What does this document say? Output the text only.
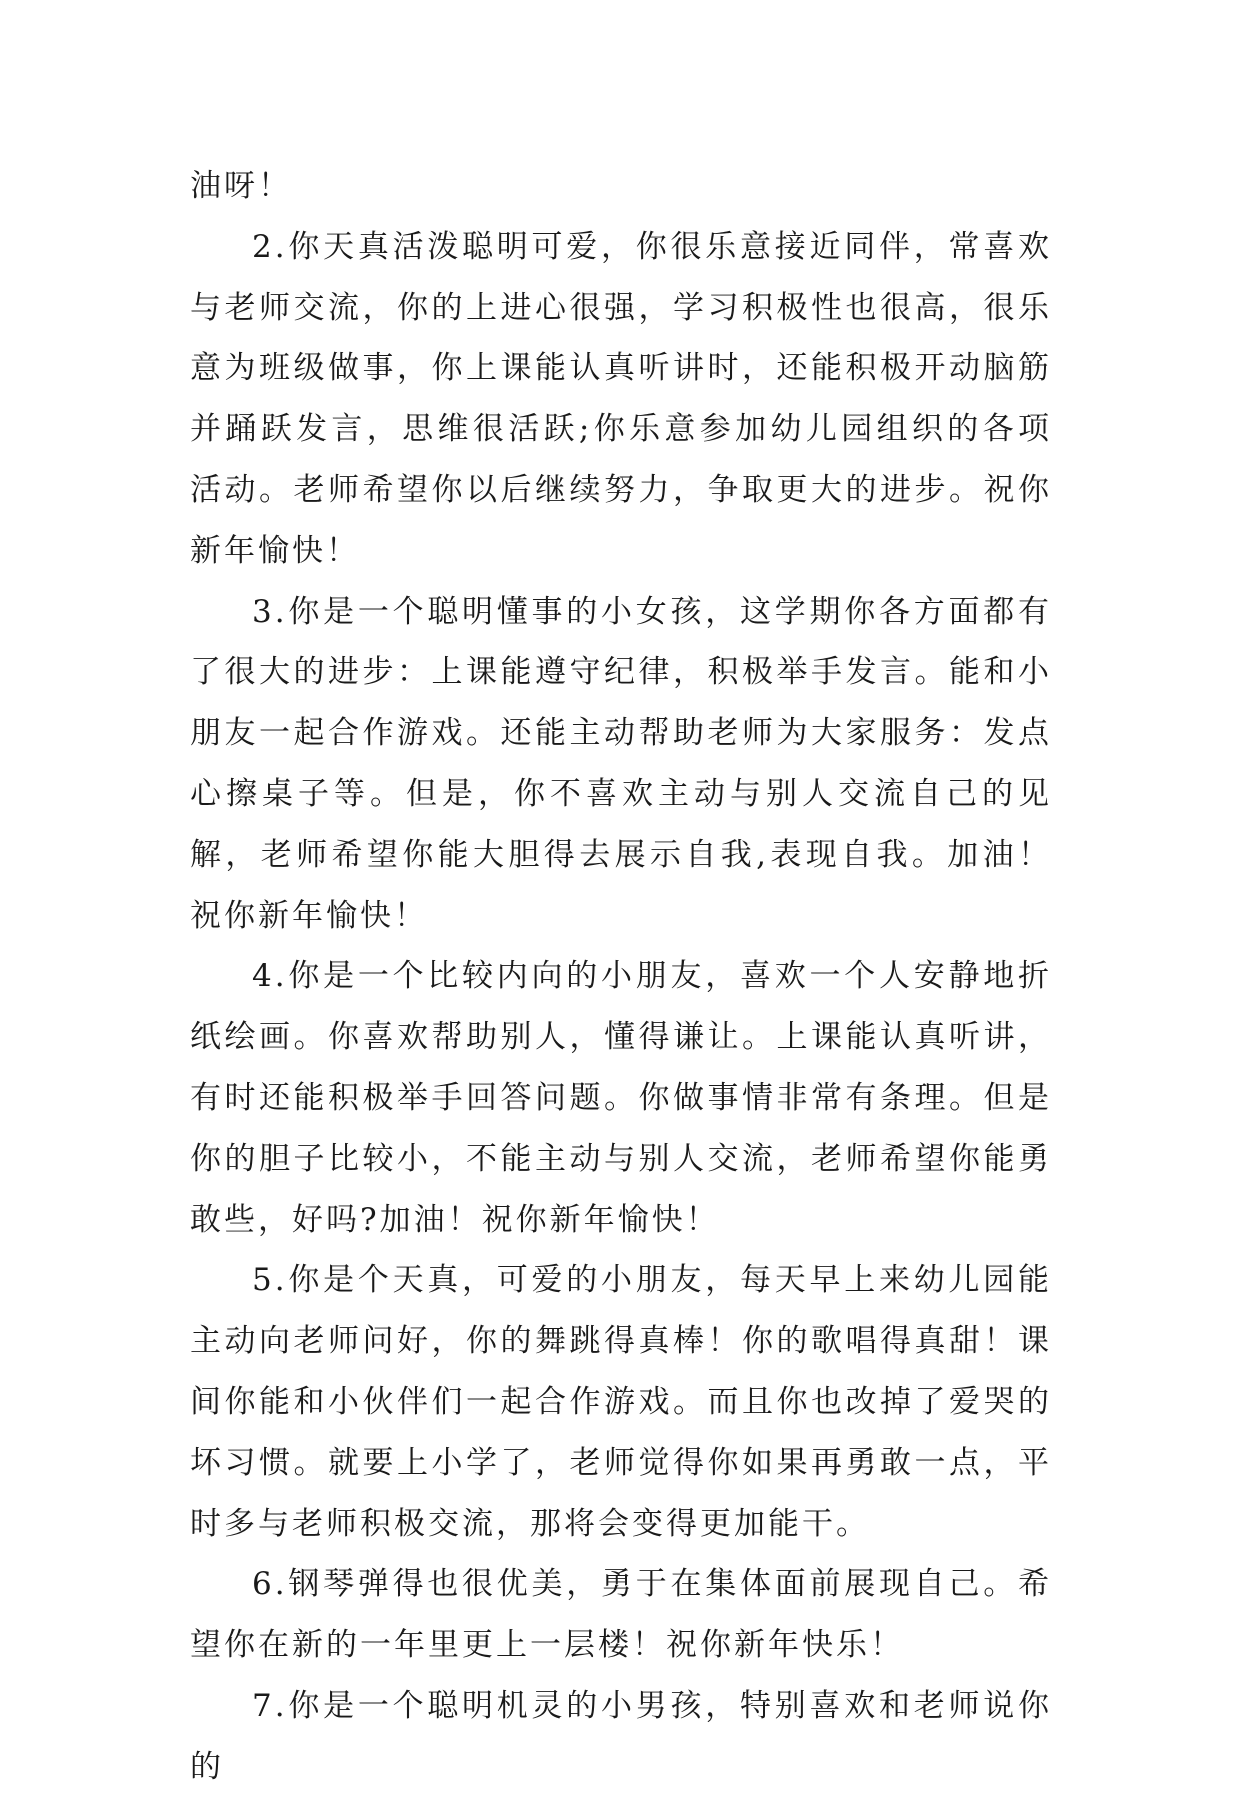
油呀！

2.你天真活泼聪明可爱，你很乐意接近同伴，常喜欢与老师交流，你的上进心很强，学习积极性也很高，很乐意为班级做事，你上课能认真听讲时，还能积极开动脑筋并踊跃发言，思维很活跃;你乐意参加幼儿园组织的各项活动。老师希望你以后继续努力，争取更大的进步。祝你新年愉快！

3.你是一个聪明懂事的小女孩，这学期你各方面都有了很大的进步：上课能遵守纪律，积极举手发言。能和小朋友一起合作游戏。还能主动帮助老师为大家服务：发点心擦桌子等。但是，你不喜欢主动与别人交流自己的见解，老师希望你能大胆得去展示自我,表现自我。加油！祝你新年愉快！

4.你是一个比较内向的小朋友，喜欢一个人安静地折纸绘画。你喜欢帮助别人，懂得谦让。上课能认真听讲，有时还能积极举手回答问题。你做事情非常有条理。但是你的胆子比较小，不能主动与别人交流，老师希望你能勇敢些，好吗?加油！祝你新年愉快！

5.你是个天真，可爱的小朋友，每天早上来幼儿园能主动向老师问好，你的舞跳得真棒！你的歌唱得真甜！课间你能和小伙伴们一起合作游戏。而且你也改掉了爱哭的坏习惯。就要上小学了，老师觉得你如果再勇敢一点，平时多与老师积极交流，那将会变得更加能干。

6.钢琴弹得也很优美，勇于在集体面前展现自己。希望你在新的一年里更上一层楼！祝你新年快乐！

7.你是一个聪明机灵的小男孩，特别喜欢和老师说你的
